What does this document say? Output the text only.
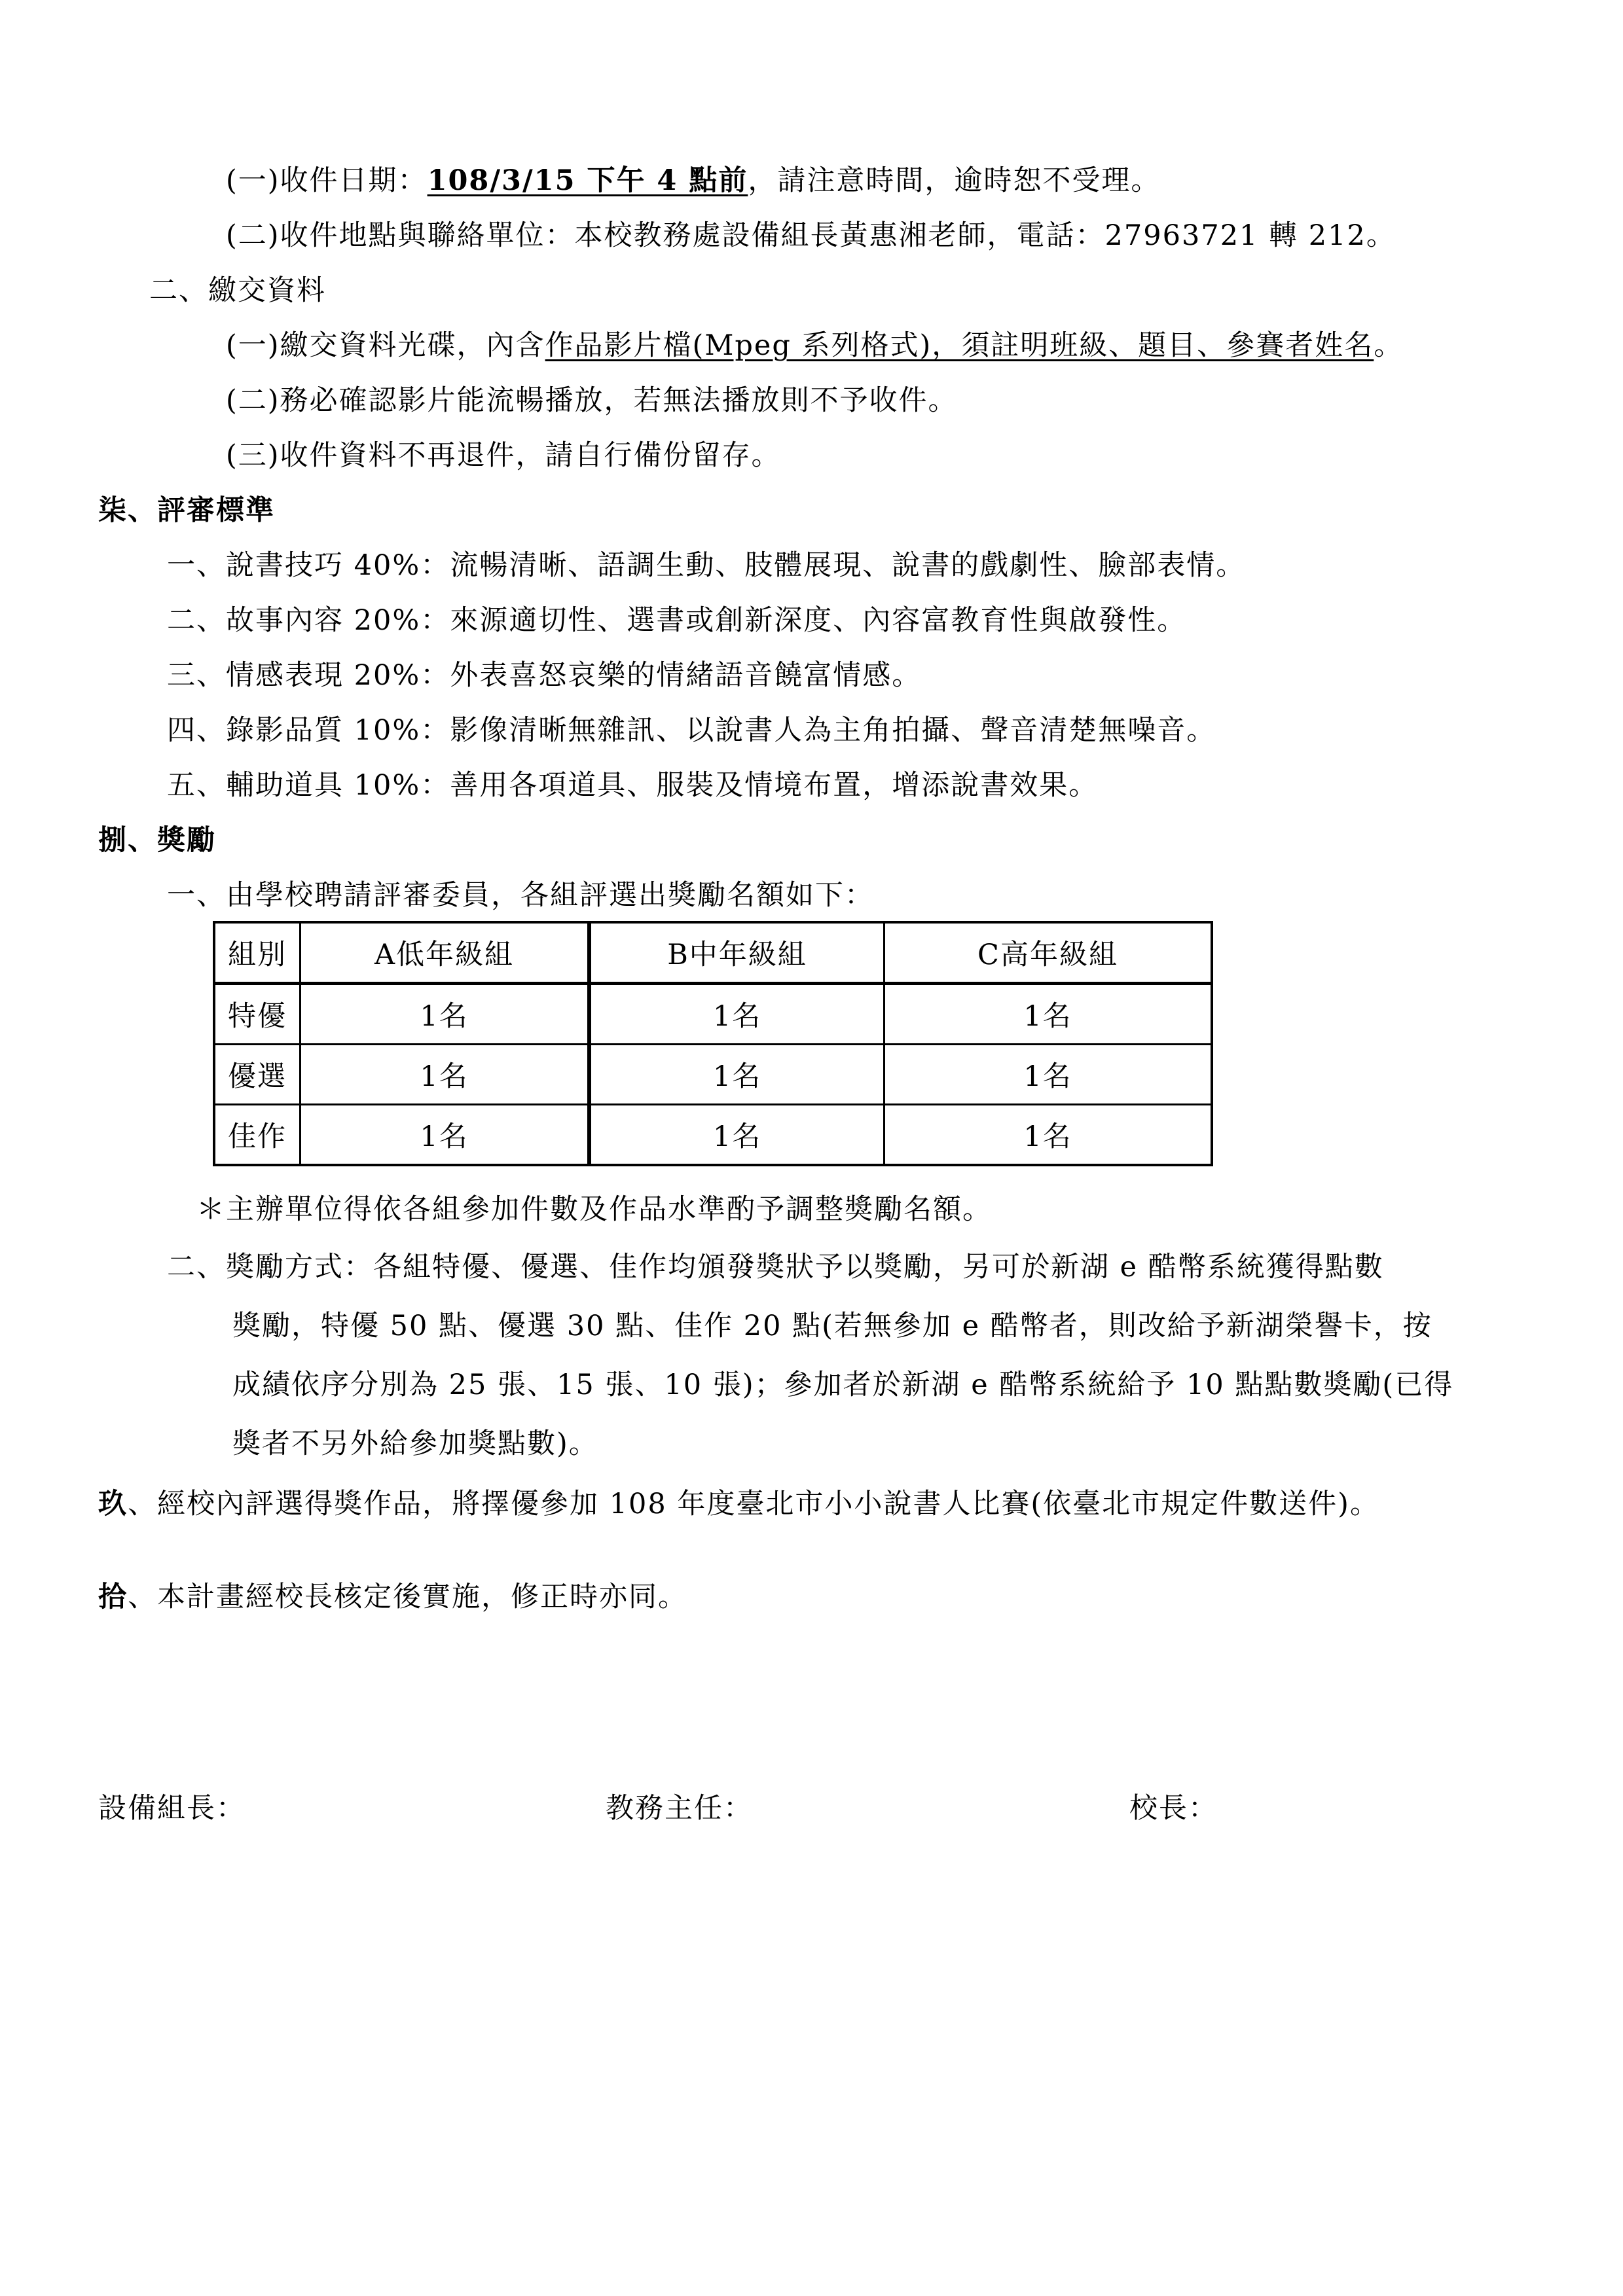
(一)收件日期：108/3/15 下午 4 點前，請注意時間，逾時恕不受理。
(二)收件地點與聯絡單位：本校教務處設備組長黃惠湘老師，電話：27963721 轉 212。
二、繳交資料
(一)繳交資料光碟，內含作品影片檔(Mpeg 系列格式)，須註明班級、題目、參賽者姓名。
(二)務必確認影片能流暢播放，若無法播放則不予收件。
(三)收件資料不再退件，請自行備份留存。
柒、評審標準
一、說書技巧 40%：流暢清晰、語調生動、肢體展現、說書的戲劇性、臉部表情。
二、故事內容 20%：來源適切性、選書或創新深度、內容富教育性與啟發性。
三、情感表現 20%：外表喜怒哀樂的情緒語音饒富情感。
四、錄影品質 10%：影像清晰無雜訊、以說書人為主角拍攝、聲音清楚無噪音。
五、輔助道具 10%：善用各項道具、服裝及情境布置，增添說書效果。
捌、獎勵
一、由學校聘請評審委員，各組評選出獎勵名額如下：
組別	A低年級組	B中年級組	C高年級組
特優	1名	1名	1名
優選	1名	1名	1名
佳作	1名	1名	1名
＊主辦單位得依各組參加件數及作品水準酌予調整獎勵名額。
二、獎勵方式：各組特優、優選、佳作均頒發獎狀予以獎勵，另可於新湖 e 酷幣系統獲得點數
獎勵，特優 50 點、優選 30 點、佳作 20 點(若無參加 e 酷幣者，則改給予新湖榮譽卡，按
成績依序分別為 25 張、15 張、10 張)；參加者於新湖 e 酷幣系統給予 10 點點數獎勵(已得
獎者不另外給參加獎點數)。
玖、經校內評選得獎作品，將擇優參加 108 年度臺北市小小說書人比賽(依臺北市規定件數送件)。
拾、本計畫經校長核定後實施，修正時亦同。
設備組長：	教務主任：	校長：
